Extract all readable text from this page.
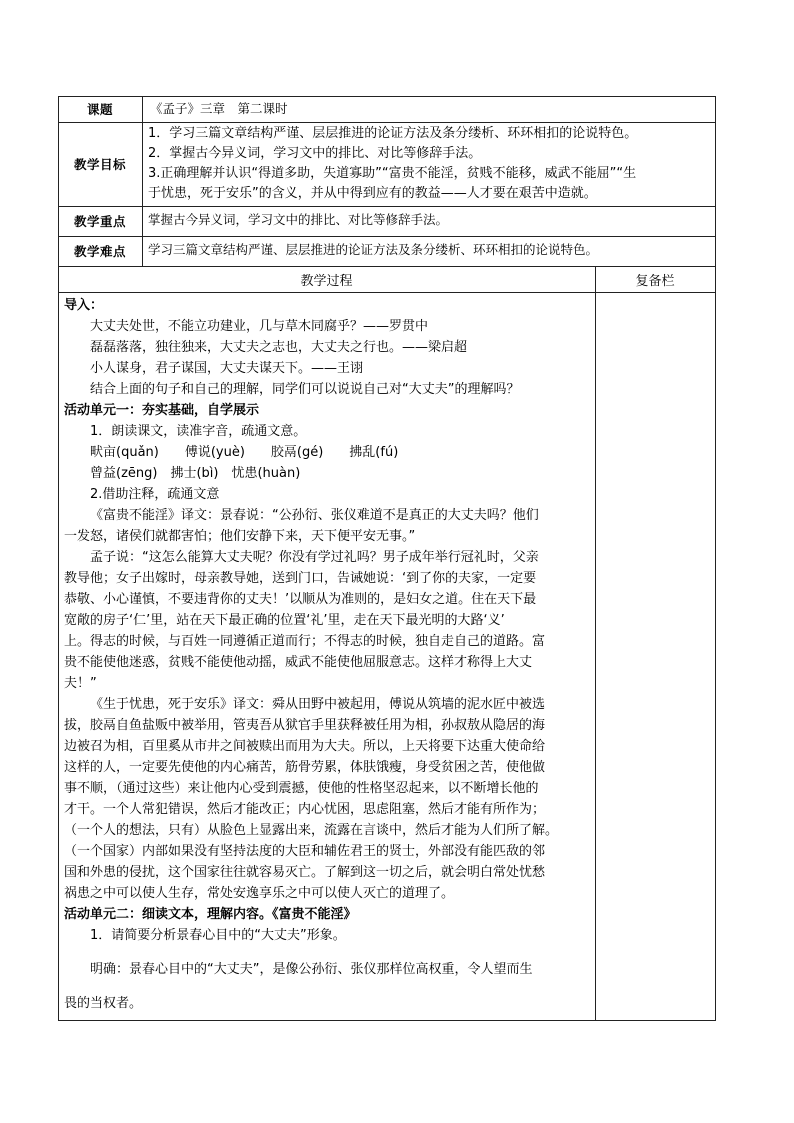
课题	《孟子》三章　第二课时
教学目标
1．学习三篇文章结构严谨、层层推进的论证方法及条分缕析、环环相扣的论说特色。
2．掌握古今异义词，学习文中的排比、对比等修辞手法。
3.正确理解并认识“得道多助，失道寡助”“富贵不能淫，贫贱不能移，威武不能屈”“生
于忧患，死于安乐”的含义，并从中得到应有的教益——人才要在艰苦中造就。
教学重点	掌握古今异义词，学习文中的排比、对比等修辞手法。
教学难点	学习三篇文章结构严谨、层层推进的论证方法及条分缕析、环环相扣的论说特色。
教学过程	复备栏
导入：
大丈夫处世，不能立功建业，几与草木同腐乎？——罗贯中
磊磊落落，独往独来，大丈夫之志也，大丈夫之行也。——梁启超
小人谋身，君子谋国，大丈夫谋天下。——王诩
结合上面的句子和自己的理解，同学们可以说说自己对“大丈夫”的理解吗？
活动单元一：夯实基础，自学展示
1．朗读课文，读准字音，疏通文意。
畎亩(quǎn)　　傅说(yuè)　　胶鬲(gé)　　拂乱(fú)
曾益(zēng)　拂士(bì)　忧患(huàn)
2.借助注释，疏通文意
《富贵不能淫》译文：景春说：“公孙衍、张仪难道不是真正的大丈夫吗？他们
一发怒，诸侯们就都害怕；他们安静下来，天下便平安无事。”
孟子说：“这怎么能算大丈夫呢？你没有学过礼吗？男子成年举行冠礼时，父亲
教导他；女子出嫁时，母亲教导她，送到门口，告诫她说：‘到了你的夫家，一定要
恭敬、小心谨慎，不要违背你的丈夫！’以顺从为准则的，是妇女之道。住在天下最
宽敞的房子‘仁’里，站在天下最正确的位置‘礼’里，走在天下最光明的大路‘义’
上。得志的时候，与百姓一同遵循正道而行；不得志的时候，独自走自己的道路。富
贵不能使他迷惑，贫贱不能使他动摇，威武不能使他屈服意志。这样才称得上大丈
夫！”
《生于忧患，死于安乐》译文：舜从田野中被起用，傅说从筑墙的泥水匠中被选
拔，胶鬲自鱼盐贩中被举用，管夷吾从狱官手里获释被任用为相，孙叔敖从隐居的海
边被召为相，百里奚从市井之间被赎出而用为大夫。所以，上天将要下达重大使命给
这样的人，一定要先使他的内心痛苦，筋骨劳累，体肤饿瘦，身受贫困之苦，使他做
事不顺，（通过这些）来让他内心受到震撼，使他的性格坚忍起来，以不断增长他的
才干。一个人常犯错误，然后才能改正；内心忧困，思虑阻塞，然后才能有所作为；
（一个人的想法，只有）从脸色上显露出来，流露在言谈中，然后才能为人们所了解。
（一个国家）内部如果没有坚持法度的大臣和辅佐君王的贤士，外部没有能匹敌的邻
国和外患的侵扰，这个国家往往就容易灭亡。了解到这一切之后，就会明白常处忧愁
祸患之中可以使人生存，常处安逸享乐之中可以使人灭亡的道理了。
活动单元二：细读文本，理解内容。《富贵不能淫》
1．请简要分析景春心目中的“大丈夫”形象。
明确：景春心目中的“大丈夫”，是像公孙衍、张仪那样位高权重，令人望而生
畏的当权者。
